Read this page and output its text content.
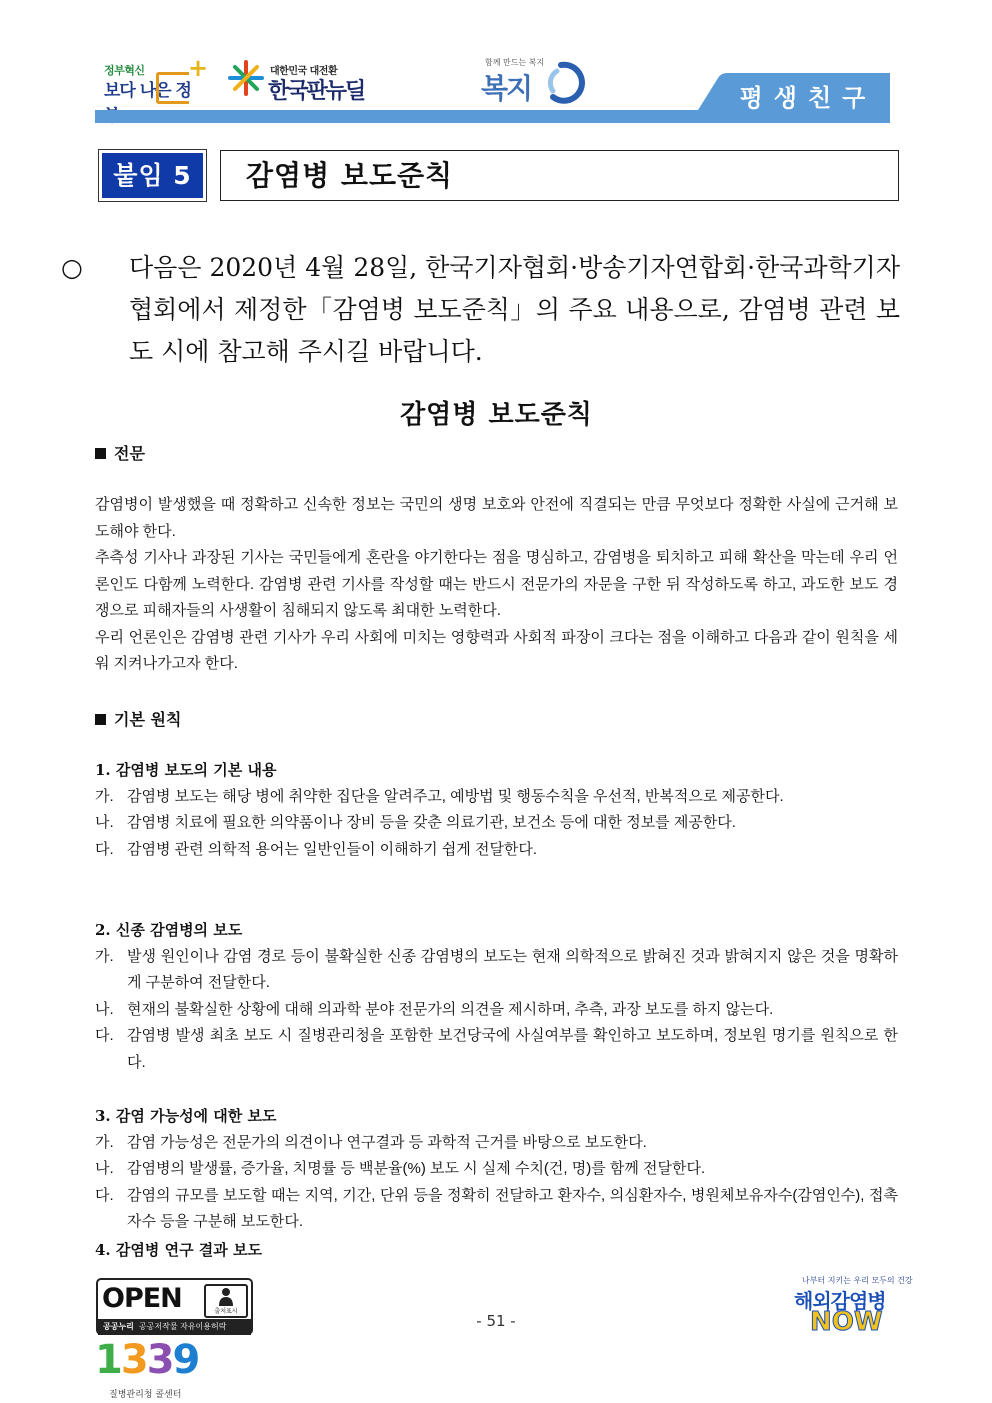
정부혁신
보다 나은 정
+	대한민국 대전환
한국판뉴딜
함께 만드는 복지
복지	평생친구
붙임 5	감염병 보도준칙

○ 다음은 2020년 4월 28일, 한국기자협회·방송기자연합회·한국과학기자협회에서 제정한「감염병 보도준칙」의 주요 내용으로, 감염병 관련 보도 시에 참고해 주시길 바랍니다.

감염병 보도준칙
전문

감염병이 발생했을 때 정확하고 신속한 정보는 국민의 생명 보호와 안전에 직결되는 만큼 무엇보다 정확한 사실에 근거해 보도해야 한다.

추측성 기사나 과장된 기사는 국민들에게 혼란을 야기한다는 점을 명심하고, 감염병을 퇴치하고 피해 확산을 막는데 우리 언론인도 다함께 노력한다. 감염병 관련 기사를 작성할 때는 반드시 전문가의 자문을 구한 뒤 작성하도록 하고, 과도한 보도 경쟁으로 피해자들의 사생활이 침해되지 않도록 최대한 노력한다.

우리 언론인은 감염병 관련 기사가 우리 사회에 미치는 영향력과 사회적 파장이 크다는 점을 이해하고 다음과 같이 원칙을 세워 지켜나가고자 한다.

기본 원칙
1. 감염병 보도의 기본 내용
가. 감염병 보도는 해당 병에 취약한 집단을 알려주고, 예방법 및 행동수칙을 우선적, 반복적으로 제공한다.
나. 감염병 치료에 필요한 의약품이나 장비 등을 갖춘 의료기관, 보건소 등에 대한 정보를 제공한다.
다. 감염병 관련 의학적 용어는 일반인들이 이해하기 쉽게 전달한다.
2. 신종 감염병의 보도
가. 발생 원인이나 감염 경로 등이 불확실한 신종 감염병의 보도는 현재 의학적으로 밝혀진 것과 밝혀지지 않은 것을 명확하게 구분하여 전달한다.
나. 현재의 불확실한 상황에 대해 의과학 분야 전문가의 의견을 제시하며, 추측, 과장 보도를 하지 않는다.
다. 감염병 발생 최초 보도 시 질병관리청을 포함한 보건당국에 사실여부를 확인하고 보도하며, 정보원 명기를 원칙으로 한다.
3. 감염 가능성에 대한 보도
가. 감염 가능성은 전문가의 의견이나 연구결과 등 과학적 근거를 바탕으로 보도한다.
나. 감염병의 발생률, 증가율, 치명률 등 백분율(%) 보도 시 실제 수치(건, 명)를 함께 전달한다.
다. 감염의 규모를 보도할 때는 지역, 기간, 단위 등을 정확히 전달하고 환자수, 의심환자수, 병원체보유자수(감염인수), 접촉자수 등을 구분해 보도한다.
4. 감염병 연구 결과 보도
OPEN	출처표시
공공누리 공공저작물 자유이용허락	- 51 -
1339
질병관리청 콜센터
나부터 지키는 우리 모두의 건강
해외감염병
NOW
